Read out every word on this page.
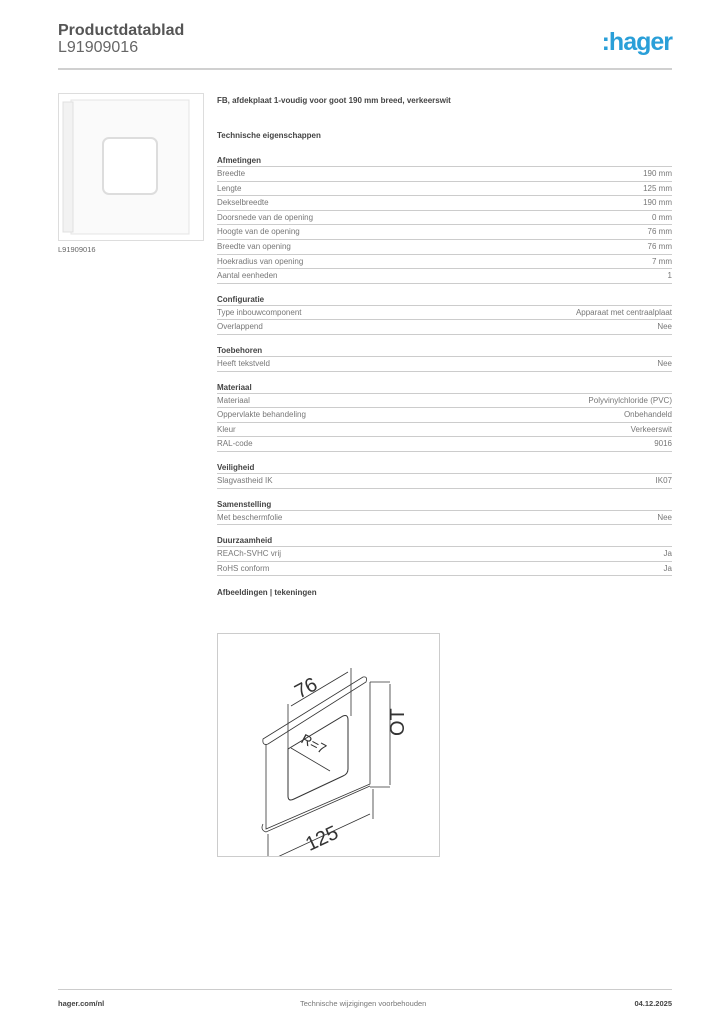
Productdatablad
L91909016	:hager
L91909016
FB, afdekplaat 1-voudig voor goot 190 mm breed, verkeerswit
Technische eigenschappen
Afmetingen
Breedte	190 mm
Lengte	125 mm
Dekselbreedte	190 mm
Doorsnede van de opening	0 mm
Hoogte van de opening	76 mm
Breedte van opening	76 mm
Hoekradius van opening	7 mm
Aantal eenheden	1
Configuratie
Type inbouwcomponent	Apparaat met centraalplaat
Overlappend	Nee
Toebehoren
Heeft tekstveld	Nee
Materiaal
Materiaal	Polyvinylchloride (PVC)
Oppervlakte behandeling	Onbehandeld
Kleur	Verkeerswit
RAL-code	9016
Veiligheid
Slagvastheid IK	IK07
Samenstelling
Met beschermfolie	Nee
Duurzaamheid
REACh-SVHC vrij	Ja
RoHS conform	Ja
Afbeeldingen | tekeningen
76
OT
125
R=7
hager.com/nl	Technische wijzigingen voorbehouden	04.12.2025
